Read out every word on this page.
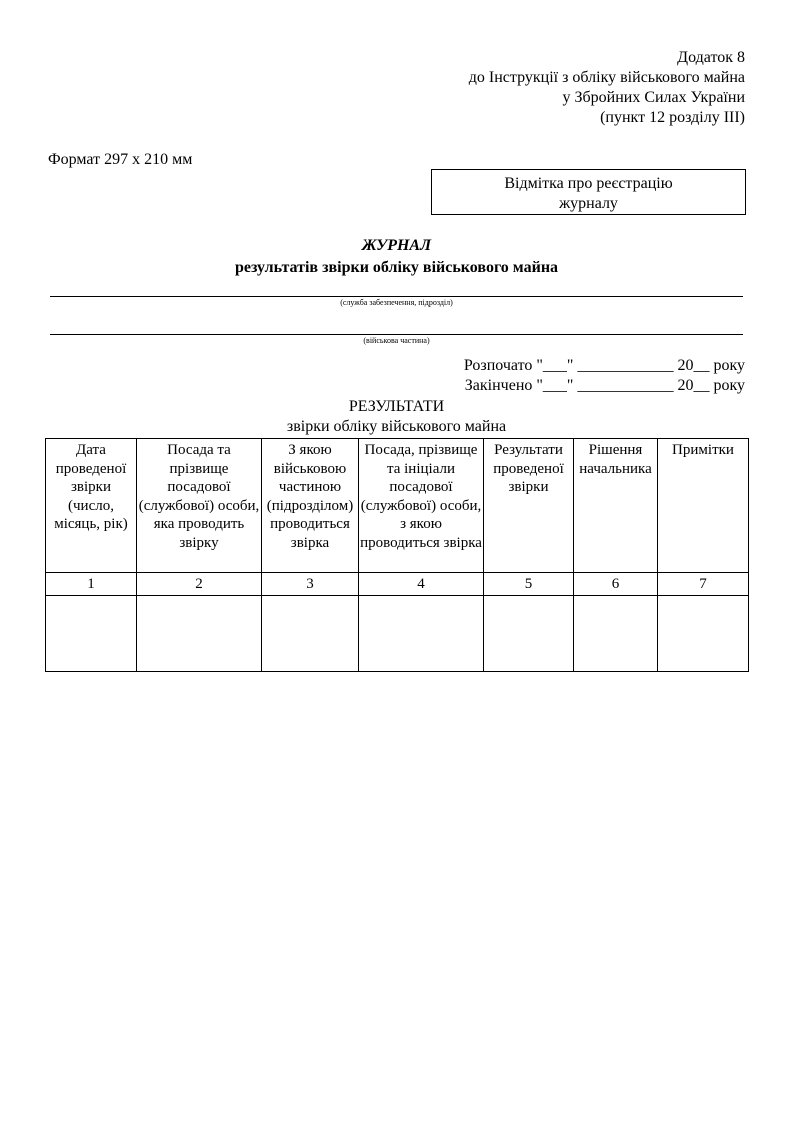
Додаток 8
до Інструкції з обліку військового майна
у Збройних Силах України
(пункт 12 розділу ІІІ)
Формат 297 х 210 мм
Відмітка про реєстрацію
журналу
ЖУРНАЛ
результатів звірки обліку військового майна
(служба забезпечення, підрозділ)
(військова частина)
Розпочато "___" ____________ 20__ року
Закінчено "___" ____________ 20__ року
РЕЗУЛЬТАТИ
звірки обліку військового майна
Дата проведеної звірки (число, місяць, рік)	Посада та прізвище посадової (службової) особи, яка проводить звірку	З якою військовою частиною (підрозділом) проводиться звірка	Посада, прізвище та ініціали посадової (службової) особи, з якою проводиться звірка	Результати проведеної звірки	Рішення начальника	Примітки
1	2	3	4	5	6	7
